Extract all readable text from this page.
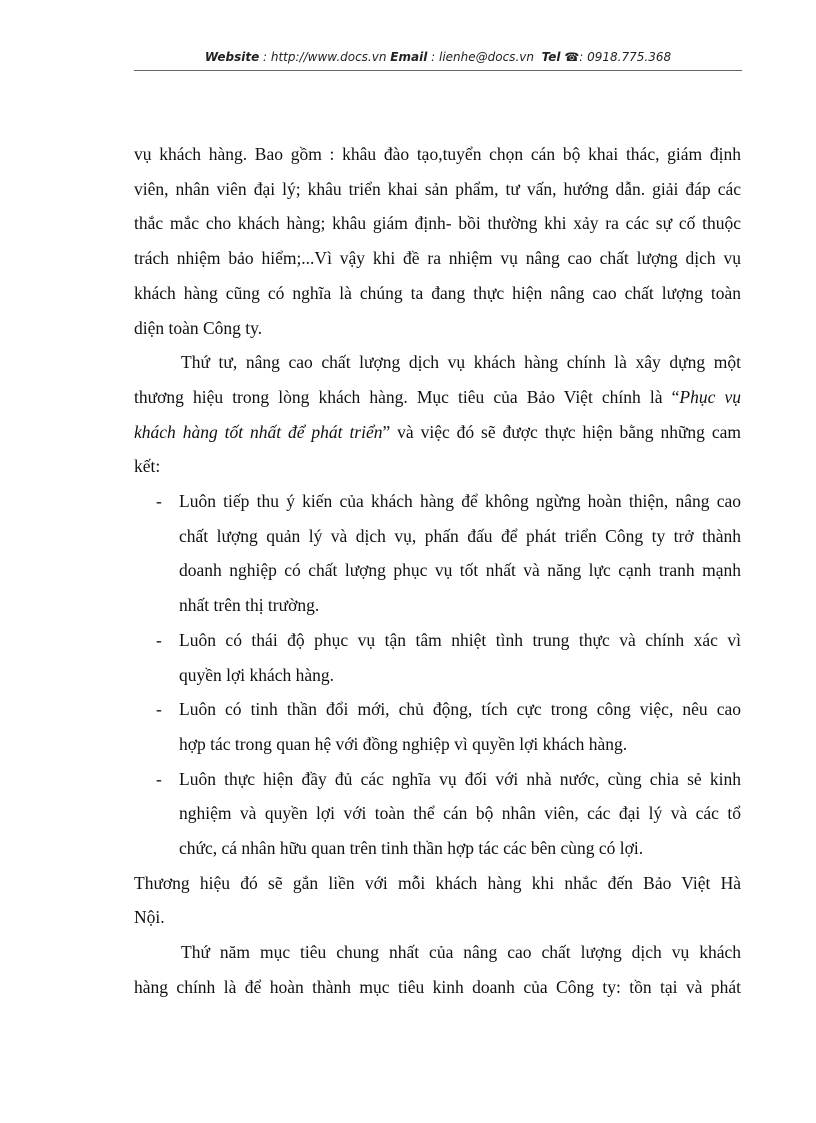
Website : http://www.docs.vn Email : lienhe@docs.vn  Tel ☎: 0918.775.368

vụ khách hàng. Bao gồm : khâu đào tạo,tuyển chọn cán bộ khai thác, giám định
viên, nhân viên đại lý; khâu triển khai sản phẩm, tư vấn, hướng dẫn. giải đáp các
thắc mắc cho khách hàng; khâu giám định- bồi thường khi xảy ra các sự cố thuộc
trách nhiệm bảo hiểm;...Vì vậy khi đề ra nhiệm vụ nâng cao chất lượng dịch vụ
khách hàng cũng có nghĩa là chúng ta đang thực hiện nâng cao chất lượng toàn
diện toàn Công ty.

Thứ tư, nâng cao chất lượng dịch vụ khách hàng chính là xây dựng một
thương hiệu trong lòng khách hàng. Mục tiêu của Bảo Việt chính là “Phục vụ
khách hàng tốt nhất để phát triển” và việc đó sẽ được thực hiện bằng những cam
kết:

- Luôn tiếp thu ý kiến của khách hàng để không ngừng hoàn thiện, nâng cao
chất lượng quản lý và dịch vụ, phấn đấu để phát triển Công ty trở thành
doanh nghiệp có chất lượng phục vụ tốt nhất và năng lực cạnh tranh mạnh
nhất trên thị trường.
- Luôn có thái độ phục vụ tận tâm nhiệt tình trung thực và chính xác vì
quyền lợi khách hàng.
- Luôn có tinh thần đổi mới, chủ động, tích cực trong công việc, nêu cao
hợp tác trong quan hệ với đồng nghiệp vì quyền lợi khách hàng.
- Luôn thực hiện đầy đủ các nghĩa vụ đối với nhà nước, cùng chia sẻ kinh
nghiệm và quyền lợi với toàn thể cán bộ nhân viên, các đại lý và các tổ
chức, cá nhân hữu quan trên tinh thần hợp tác các bên cùng có lợi.

Thương hiệu đó sẽ gắn liền với mỗi khách hàng khi nhắc đến Bảo Việt Hà
Nội.

Thứ năm mục tiêu chung nhất của nâng cao chất lượng dịch vụ khách
hàng chính là để hoàn thành mục tiêu kinh doanh của Công ty: tồn tại và phát
